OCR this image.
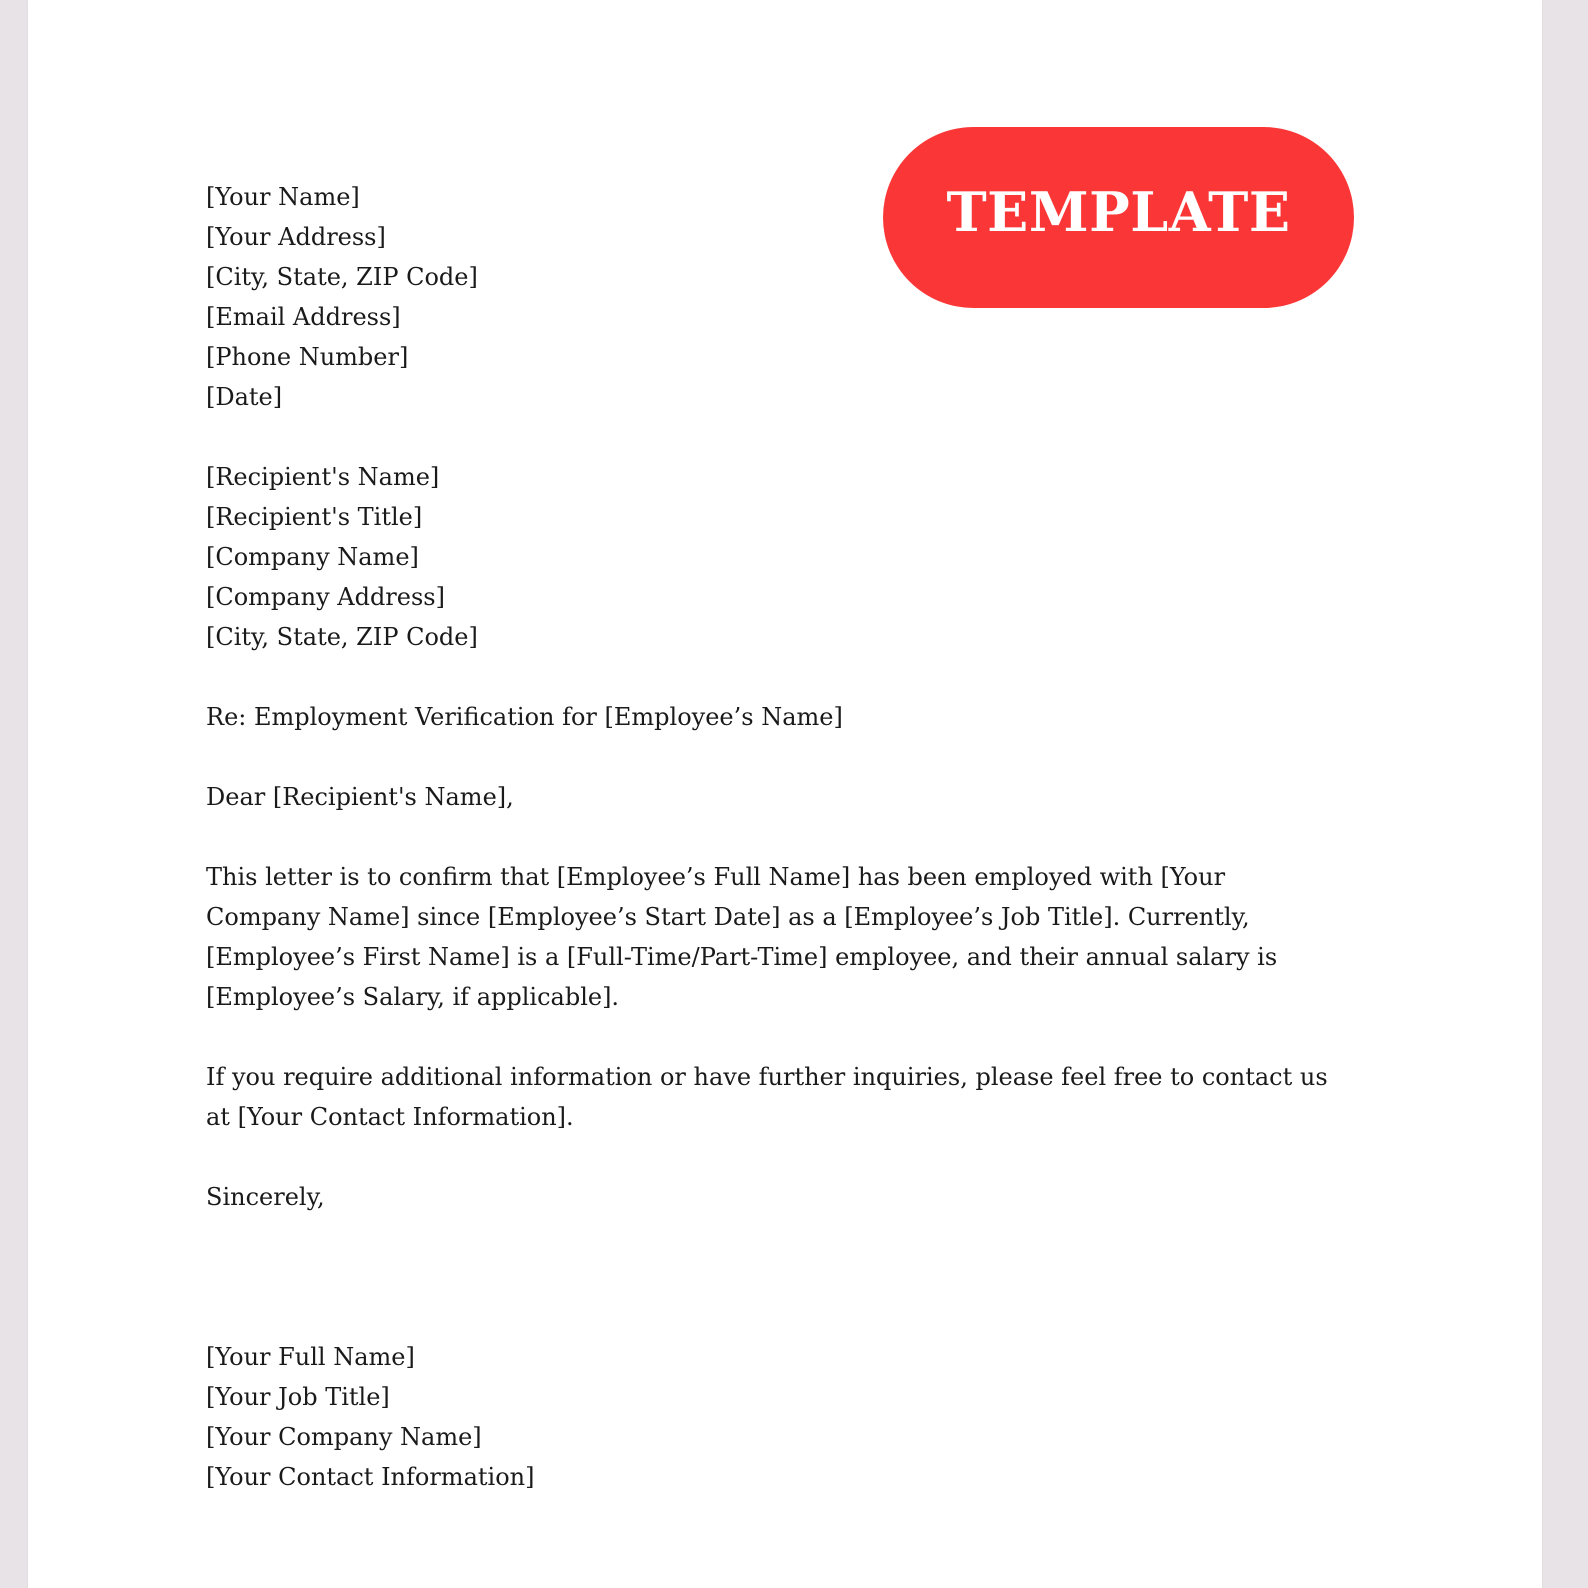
TEMPLATE
[Your Name]
[Your Address]
[City, State, ZIP Code]
[Email Address]
[Phone Number]
[Date]
[Recipient's Name]
[Recipient's Title]
[Company Name]
[Company Address]
[City, State, ZIP Code]
Re: Employment Verification for [Employee’s Name]
Dear [Recipient's Name],
This letter is to confirm that [Employee’s Full Name] has been employed with [Your
Company Name] since [Employee’s Start Date] as a [Employee’s Job Title]. Currently,
[Employee’s First Name] is a [Full-Time/Part-Time] employee, and their annual salary is
[Employee’s Salary, if applicable].
If you require additional information or have further inquiries, please feel free to contact us
at [Your Contact Information].
Sincerely,
[Your Full Name]
[Your Job Title]
[Your Company Name]
[Your Contact Information]
